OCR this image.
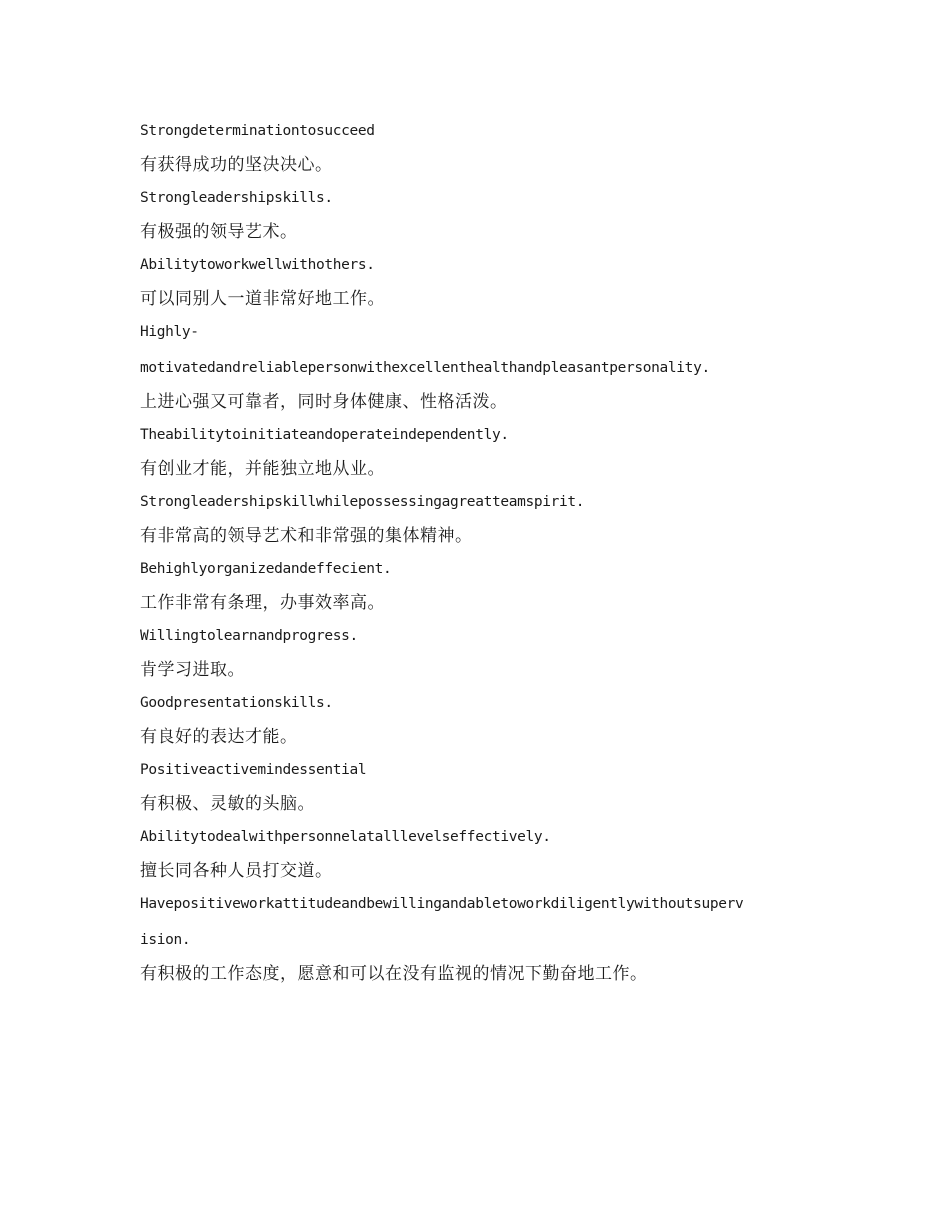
Strongdeterminationtosucceed
有获得成功的坚决决心。
Strongleadershipskills.
有极强的领导艺术。
Abilitytoworkwellwithothers.
可以同别人一道非常好地工作。
Highly-
motivatedandreliablepersonwithexcellenthealthandpleasantpersonality.
上进心强又可靠者，同时身体健康、性格活泼。
Theabilitytoinitiateandoperateindependently.
有创业才能，并能独立地从业。
Strongleadershipskillwhilepossessingagreatteamspirit.
有非常高的领导艺术和非常强的集体精神。
Behighlyorganizedandeffecient.
工作非常有条理，办事效率高。
Willingtolearnandprogress.
肯学习进取。
Goodpresentationskills.
有良好的表达才能。
Positiveactivemindessential
有积极、灵敏的头脑。
Abilitytodealwithpersonnelatalllevelseffectively.
擅长同各种人员打交道。
Havepositiveworkattitudeandbewillingandabletoworkdiligentlywithoutsuperv
ision.
有积极的工作态度，愿意和可以在没有监视的情况下勤奋地工作。
